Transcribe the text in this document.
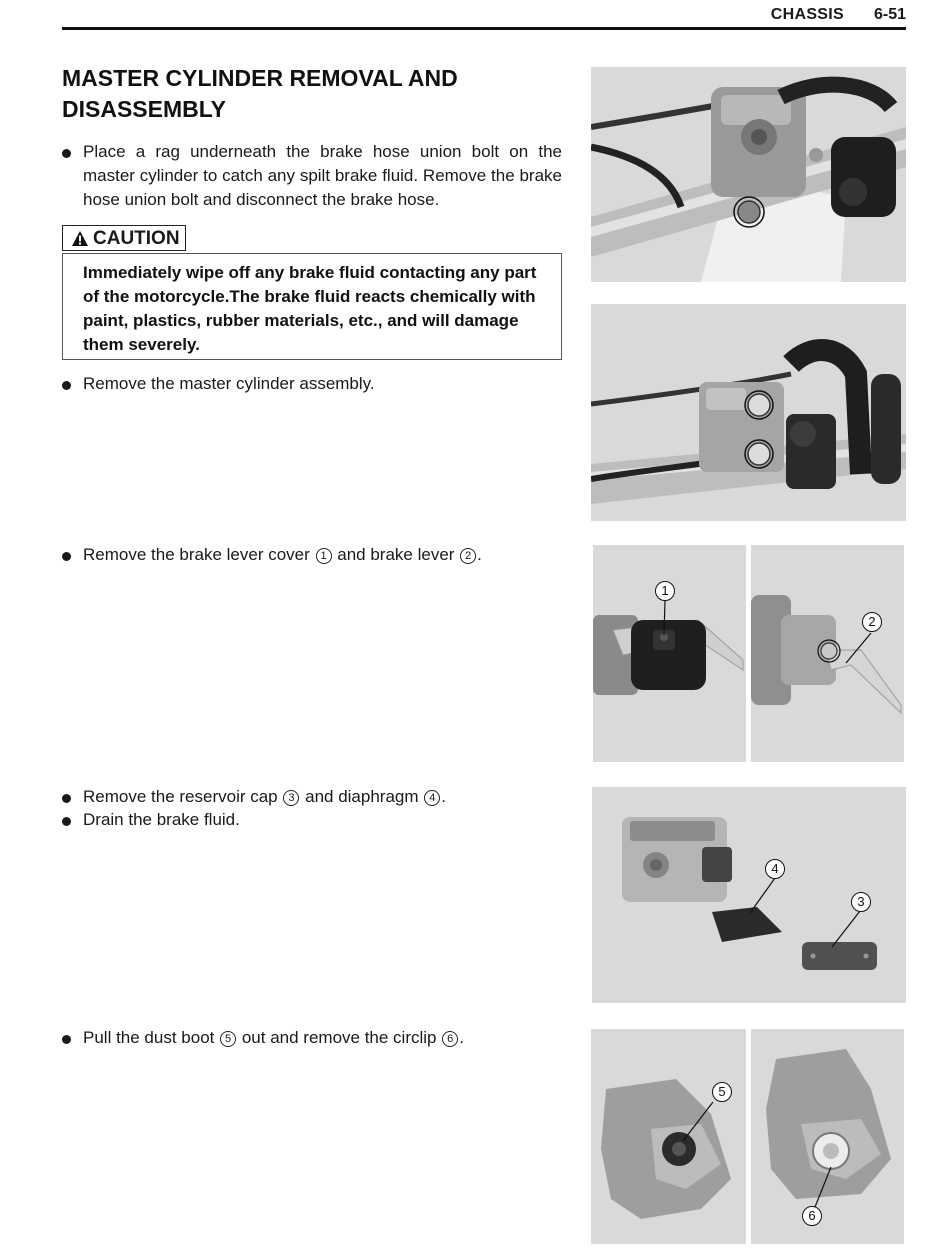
CHASSIS 6-51
MASTER CYLINDER REMOVAL AND DISASSEMBLY
Place a rag underneath the brake hose union bolt on the master cylinder to catch any spilt brake fluid. Remove the brake hose union bolt and disconnect the brake hose.
CAUTION
Immediately wipe off any brake fluid contacting any part of the motorcycle.The brake fluid reacts chemically with paint, plastics, rubber materials, etc., and will damage them severely.
Remove the master cylinder assembly.
Remove the brake lever cover 1 and brake lever 2 .
Remove the reservoir cap 3 and diaphragm 4 .
Drain the brake fluid.
Pull the dust boot 5 out and remove the circlip 6 .
1
2
4
3
5
6
